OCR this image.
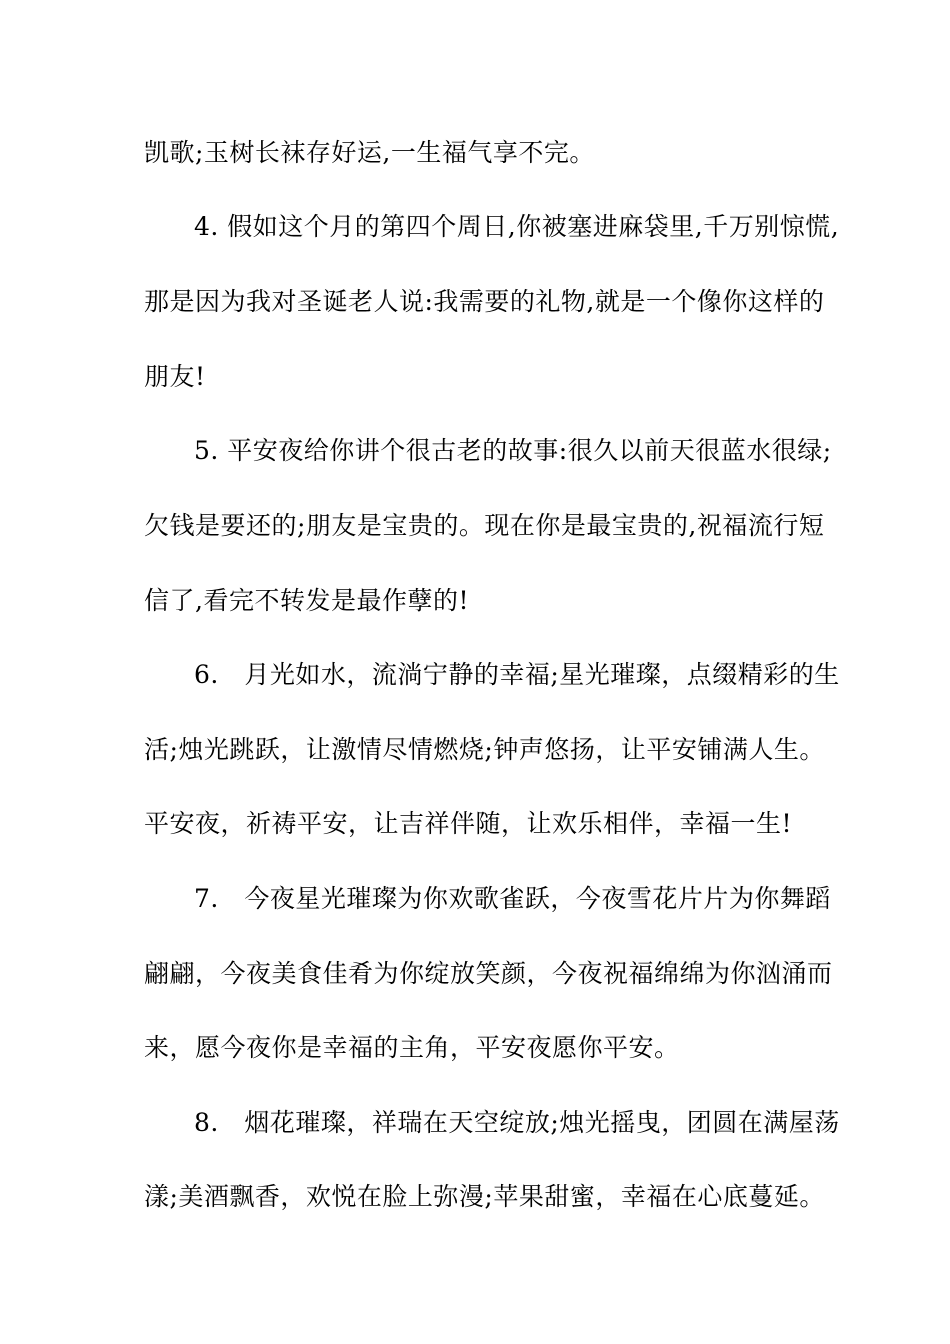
凯歌;玉树长袜存好运,一生福气享不完。
4. 假如这个月的第四个周日,你被塞进麻袋里,千万别惊慌,
那是因为我对圣诞老人说:我需要的礼物,就是一个像你这样的
朋友!
5. 平安夜给你讲个很古老的故事:很久以前天很蓝水很绿;
欠钱是要还的;朋友是宝贵的。现在你是最宝贵的,祝福流行短
信了,看完不转发是最作孽的!
6.　月光如水，流淌宁静的幸福;星光璀璨，点缀精彩的生
活;烛光跳跃，让激情尽情燃烧;钟声悠扬，让平安铺满人生。
平安夜，祈祷平安，让吉祥伴随，让欢乐相伴，幸福一生!
7.　今夜星光璀璨为你欢歌雀跃，今夜雪花片片为你舞蹈
翩翩，今夜美食佳肴为你绽放笑颜，今夜祝福绵绵为你汹涌而
来，愿今夜你是幸福的主角，平安夜愿你平安。
8.　烟花璀璨，祥瑞在天空绽放;烛光摇曳，团圆在满屋荡
漾;美酒飘香，欢悦在脸上弥漫;苹果甜蜜，幸福在心底蔓延。
